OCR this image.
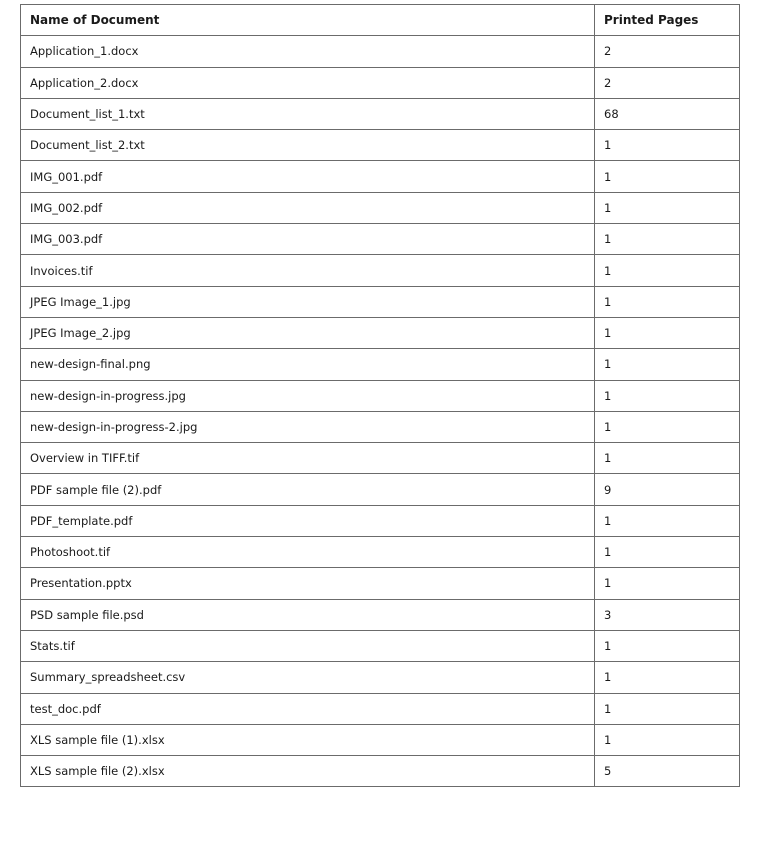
Name of Document	Printed Pages
Application_1.docx	2
Application_2.docx	2
Document_list_1.txt	68
Document_list_2.txt	1
IMG_001.pdf	1
IMG_002.pdf	1
IMG_003.pdf	1
Invoices.tif	1
JPEG Image_1.jpg	1
JPEG Image_2.jpg	1
new-design-final.png	1
new-design-in-progress.jpg	1
new-design-in-progress-2.jpg	1
Overview in TIFF.tif	1
PDF sample file (2).pdf	9
PDF_template.pdf	1
Photoshoot.tif	1
Presentation.pptx	1
PSD sample file.psd	3
Stats.tif	1
Summary_spreadsheet.csv	1
test_doc.pdf	1
XLS sample file (1).xlsx	1
XLS sample file (2).xlsx	5
